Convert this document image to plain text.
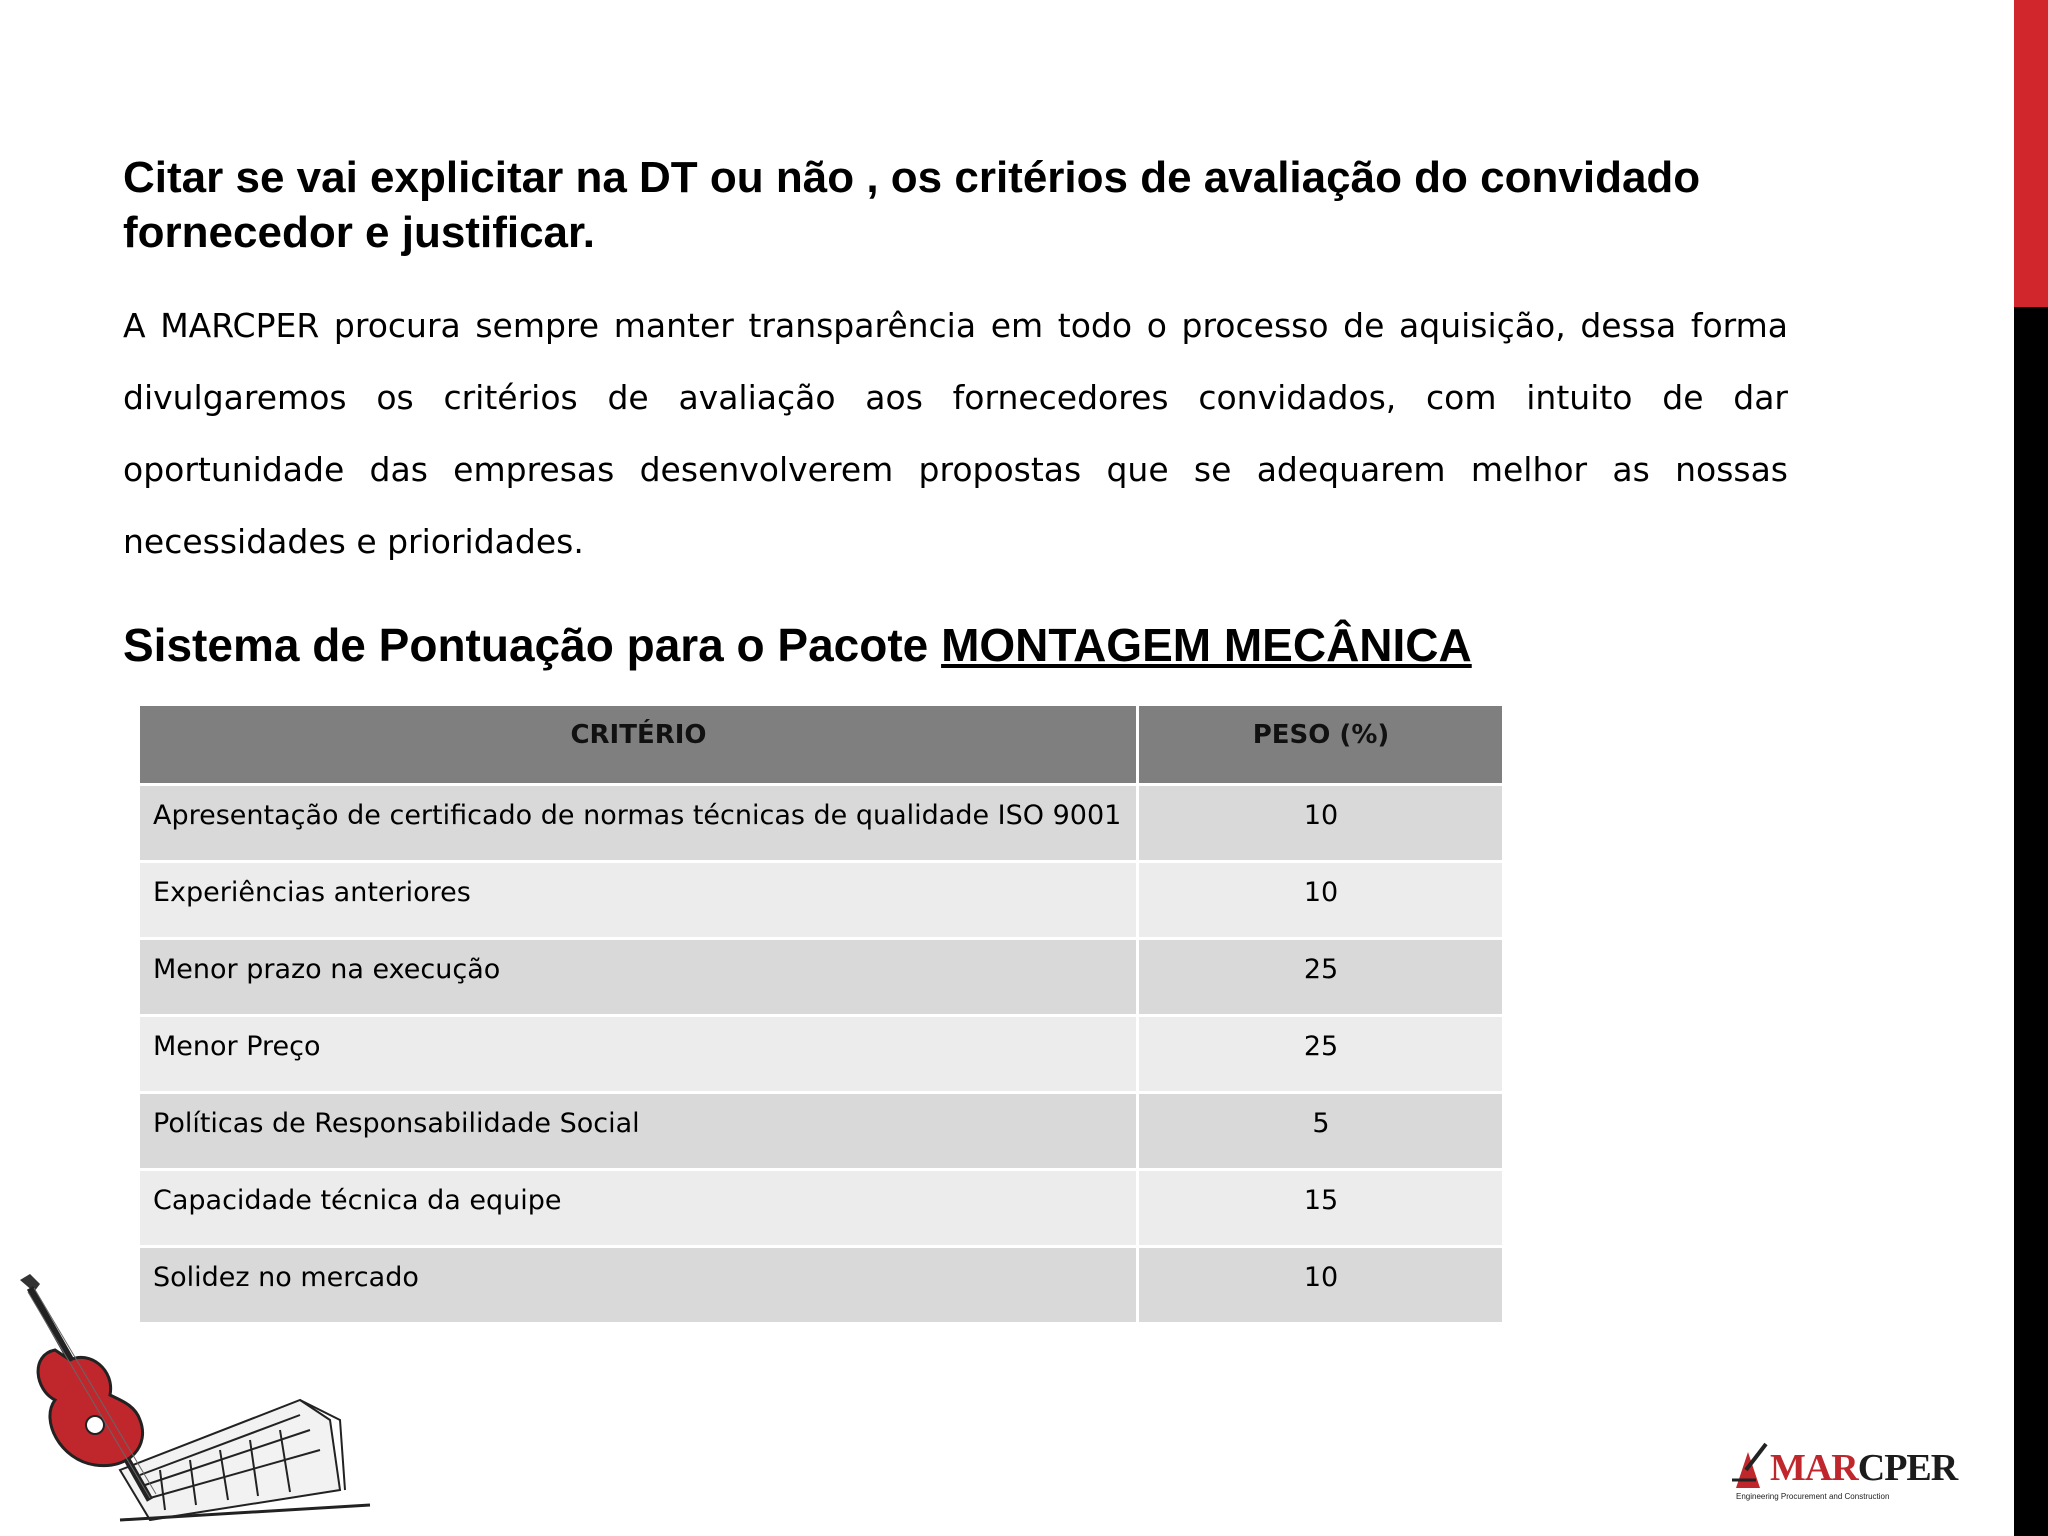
Citar se vai explicitar na DT ou não , os critérios de avaliação do convidado fornecedor e justificar.

A MARCPER procura sempre manter transparência em todo o processo de aquisição, dessa forma divulgaremos os critérios de avaliação aos fornecedores convidados, com intuito de dar oportunidade das empresas desenvolverem propostas que se adequarem melhor as nossas necessidades e prioridades.

Sistema de Pontuação para o Pacote MONTAGEM MECÂNICA
CRITÉRIO	PESO (%)
Apresentação de certificado de normas técnicas de qualidade ISO 9001	10
Experiências anteriores	10
Menor prazo na execução	25
Menor Preço	25
Políticas de Responsabilidade Social	5
Capacidade técnica da equipe	15
Solidez no mercado	10
MARCPER
Engineering Procurement and Construction
